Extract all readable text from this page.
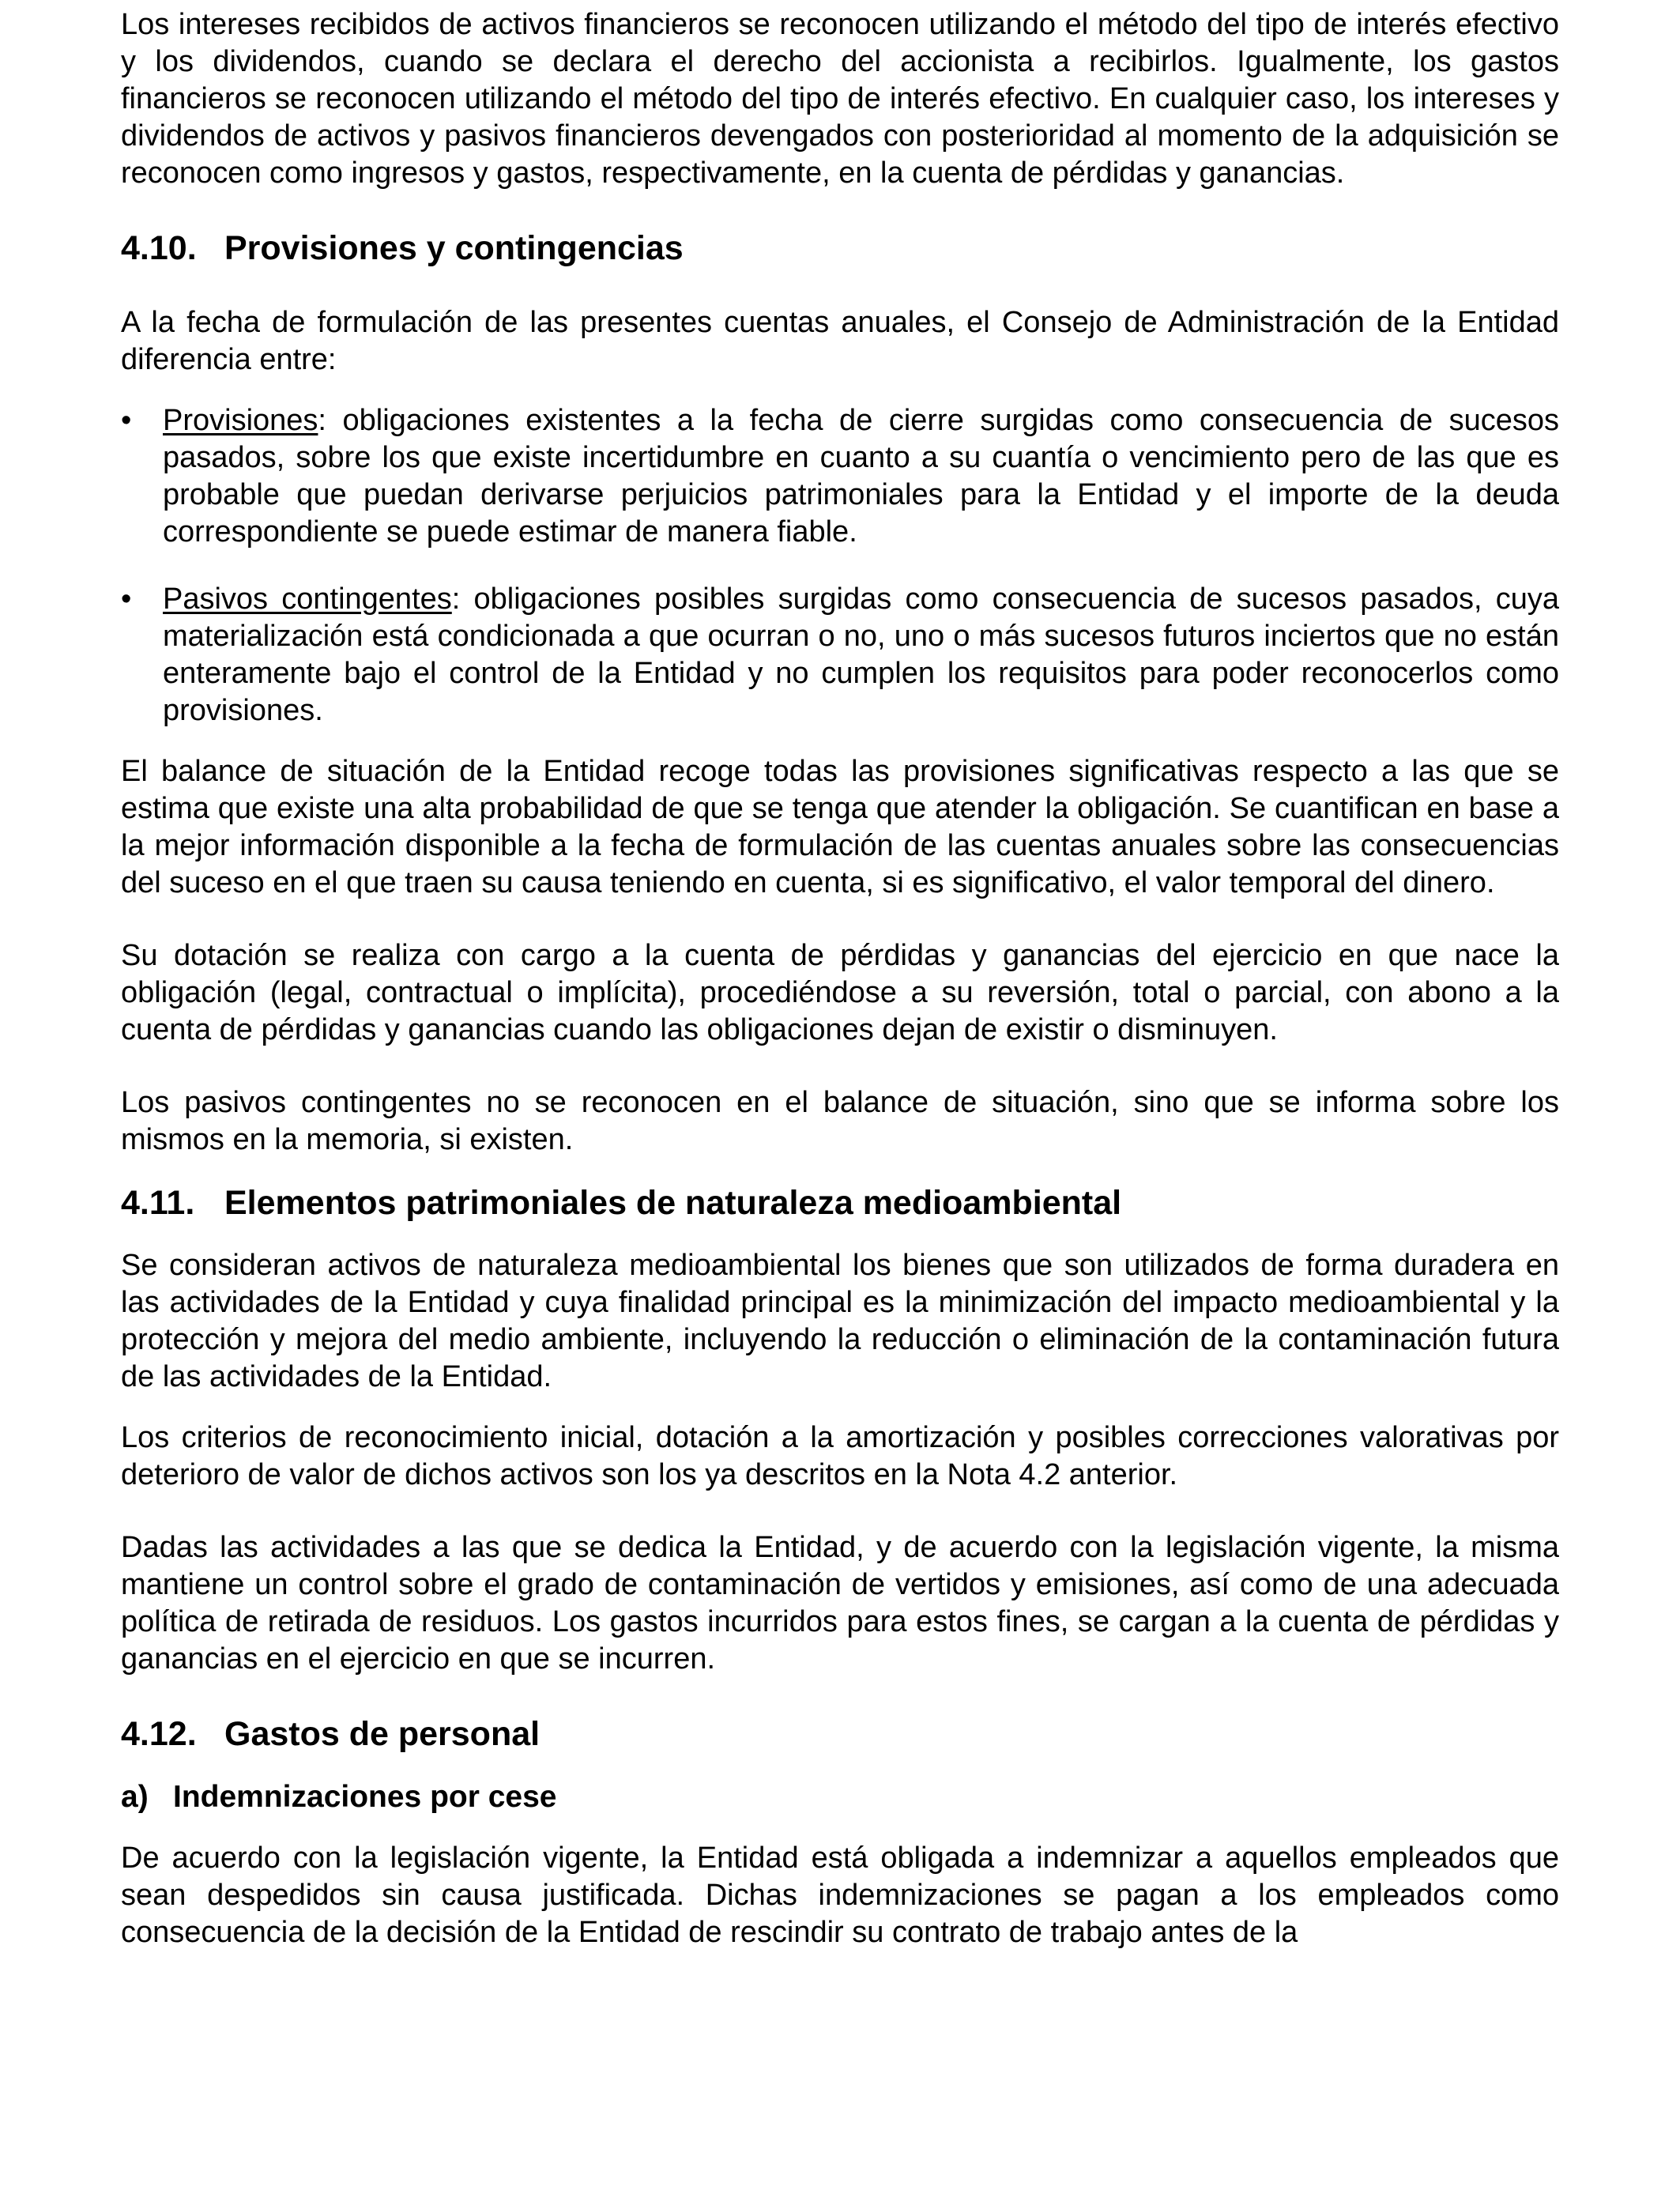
Los intereses recibidos de activos financieros se reconocen utilizando el método del tipo de interés efectivo y los dividendos, cuando se declara el derecho del accionista a recibirlos. Igualmente, los gastos financieros se reconocen utilizando el método del tipo de interés efectivo. En cualquier caso, los intereses y dividendos de activos y pasivos financieros devengados con posterioridad al momento de la adquisición se reconocen como ingresos y gastos, respectivamente, en la cuenta de pérdidas y ganancias.

4.10. Provisiones y contingencias

A la fecha de formulación de las presentes cuentas anuales, el Consejo de Administración de la Entidad diferencia entre:

• Provisiones: obligaciones existentes a la fecha de cierre surgidas como consecuencia de sucesos pasados, sobre los que existe incertidumbre en cuanto a su cuantía o vencimiento pero de las que es probable que puedan derivarse perjuicios patrimoniales para la Entidad y el importe de la deuda correspondiente se puede estimar de manera fiable.
• Pasivos contingentes: obligaciones posibles surgidas como consecuencia de sucesos pasados, cuya materialización está condicionada a que ocurran o no, uno o más sucesos futuros inciertos que no están enteramente bajo el control de la Entidad y no cumplen los requisitos para poder reconocerlos como provisiones.

El balance de situación de la Entidad recoge todas las provisiones significativas respecto a las que se estima que existe una alta probabilidad de que se tenga que atender la obligación. Se cuantifican en base a la mejor información disponible a la fecha de formulación de las cuentas anuales sobre las consecuencias del suceso en el que traen su causa teniendo en cuenta, si es significativo, el valor temporal del dinero.

Su dotación se realiza con cargo a la cuenta de pérdidas y ganancias del ejercicio en que nace la obligación (legal, contractual o implícita), procediéndose a su reversión, total o parcial, con abono a la cuenta de pérdidas y ganancias cuando las obligaciones dejan de existir o disminuyen.

Los pasivos contingentes no se reconocen en el balance de situación, sino que se informa sobre los mismos en la memoria, si existen.

4.11. Elementos patrimoniales de naturaleza medioambiental

Se consideran activos de naturaleza medioambiental los bienes que son utilizados de forma duradera en las actividades de la Entidad y cuya finalidad principal es la minimización del impacto medioambiental y la protección y mejora del medio ambiente, incluyendo la reducción o eliminación de la contaminación futura de las actividades de la Entidad.

Los criterios de reconocimiento inicial, dotación a la amortización y posibles correcciones valorativas por deterioro de valor de dichos activos son los ya descritos en la Nota 4.2 anterior.

Dadas las actividades a las que se dedica la Entidad, y de acuerdo con la legislación vigente, la misma mantiene un control sobre el grado de contaminación de vertidos y emisiones, así como de una adecuada política de retirada de residuos. Los gastos incurridos para estos fines, se cargan a la cuenta de pérdidas y ganancias en el ejercicio en que se incurren.

4.12. Gastos de personal
a) Indemnizaciones por cese

De acuerdo con la legislación vigente, la Entidad está obligada a indemnizar a aquellos empleados que sean despedidos sin causa justificada. Dichas indemnizaciones se pagan a los empleados como consecuencia de la decisión de la Entidad de rescindir su contrato de trabajo antes de la
